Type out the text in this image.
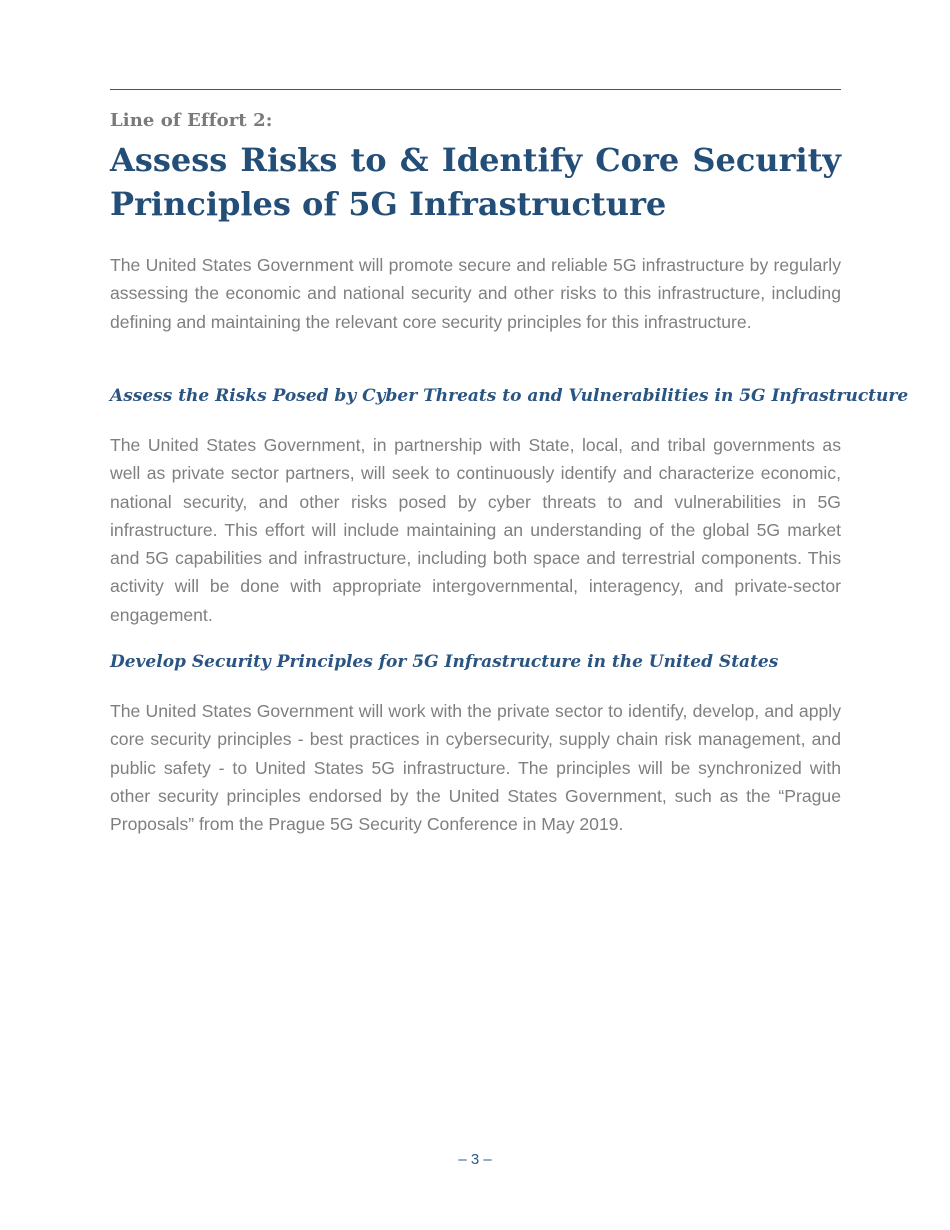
Line of Effort 2:

Assess Risks to & Identify Core Security
Principles of 5G Infrastructure

The United States Government will promote secure and reliable 5G infrastructure by regularly assessing the economic and national security and other risks to this infrastructure, including defining and maintaining the relevant core security principles for this infrastructure.

Assess the Risks Posed by Cyber Threats to and Vulnerabilities in 5G Infrastructure

The United States Government, in partnership with State, local, and tribal governments as well as private sector partners, will seek to continuously identify and characterize economic, national security, and other risks posed by cyber threats to and vulnerabilities in 5G infrastructure. This effort will include maintaining an understanding of the global 5G market and 5G capabilities and infrastructure, including both space and terrestrial components. This activity will be done with appropriate intergovernmental, interagency, and private-sector engagement.

Develop Security Principles for 5G Infrastructure in the United States

The United States Government will work with the private sector to identify, develop, and apply core security principles - best practices in cybersecurity, supply chain risk management, and public safety - to United States 5G infrastructure. The principles will be synchronized with other security principles endorsed by the United States Government, such as the “Prague Proposals” from the Prague 5G Security Conference in May 2019.

– 3 –
